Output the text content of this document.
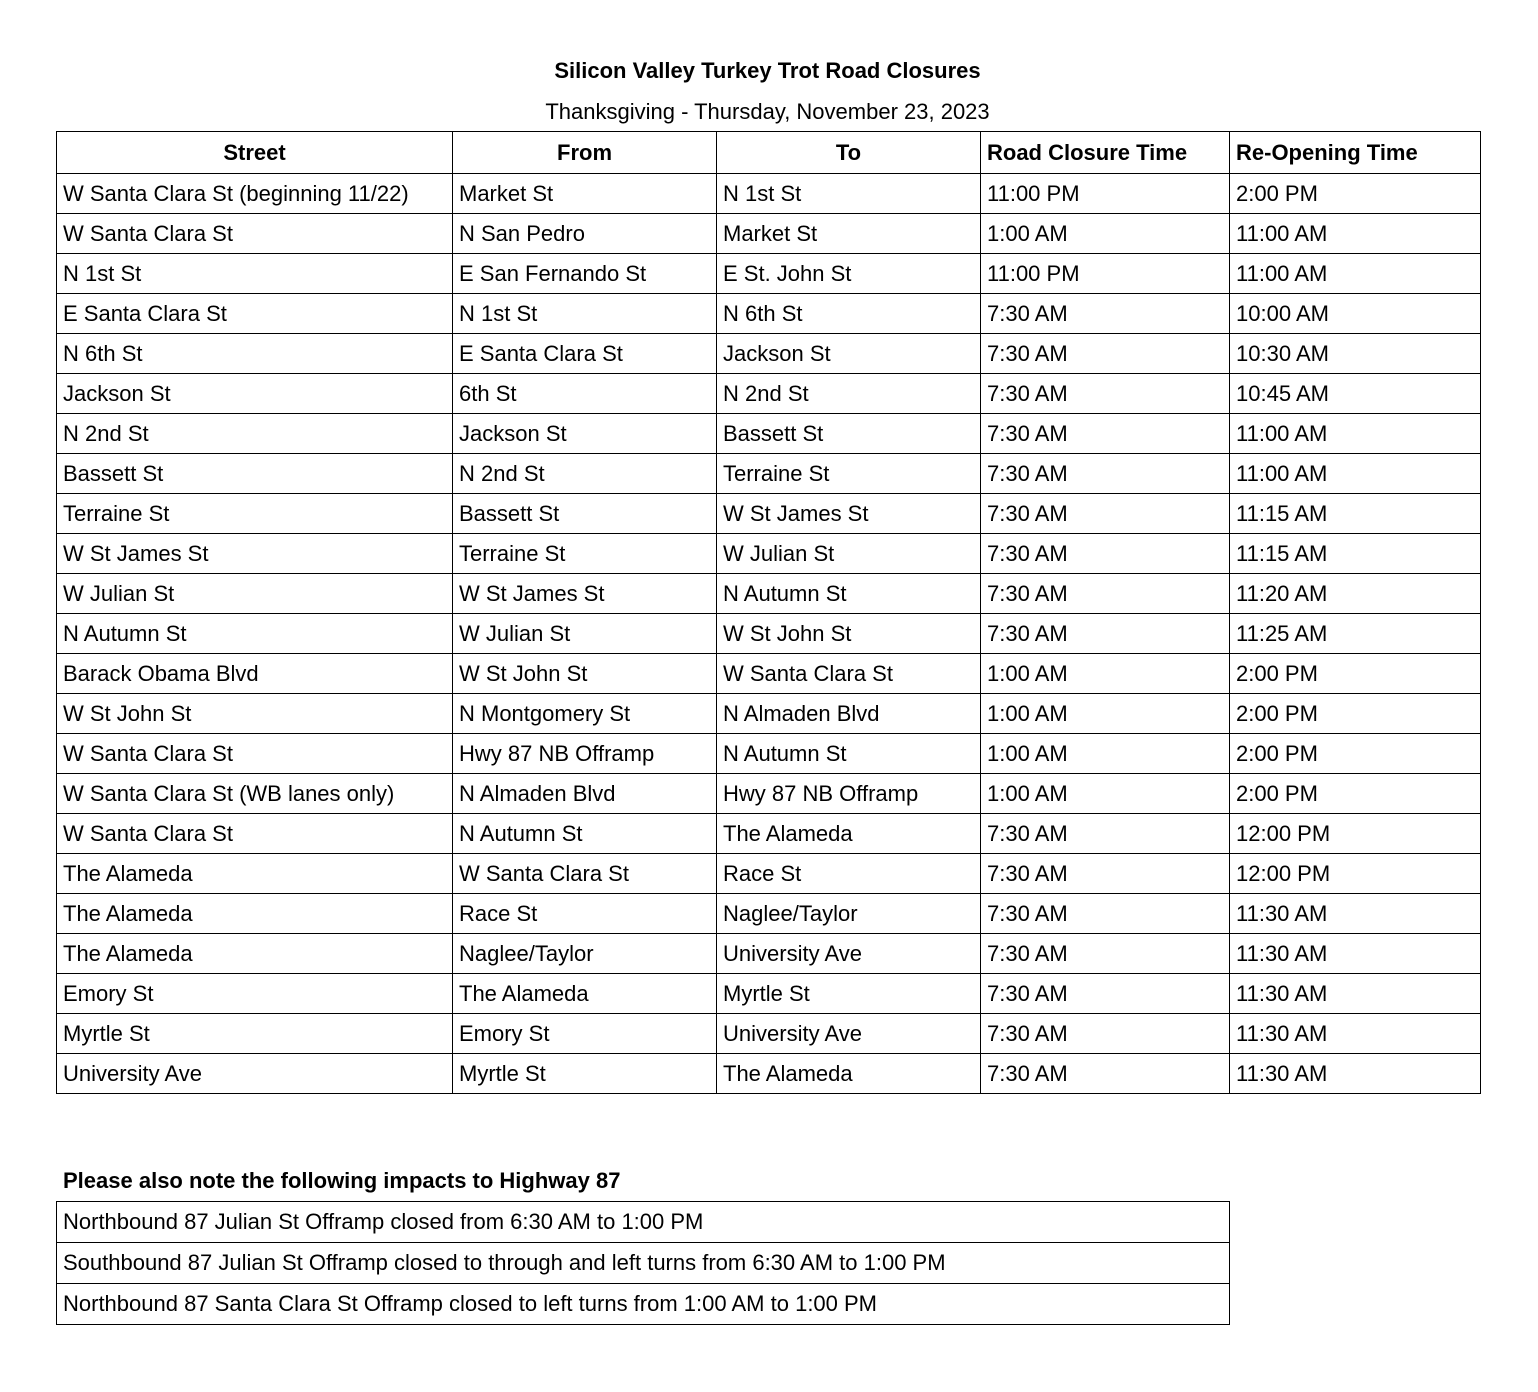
Silicon Valley Turkey Trot Road Closures
Thanksgiving - Thursday, November 23, 2023
Street	From	To	Road Closure Time	Re-Opening Time
W Santa Clara St (beginning 11/22)	Market St	N 1st St	11:00 PM	2:00 PM
W Santa Clara St	N San Pedro	Market St	1:00 AM	11:00 AM
N 1st St	E San Fernando St	E St. John St	11:00 PM	11:00 AM
E Santa Clara St	N 1st St	N 6th St	7:30 AM	10:00 AM
N 6th St	E Santa Clara St	Jackson St	7:30 AM	10:30 AM
Jackson St	6th St	N 2nd St	7:30 AM	10:45 AM
N 2nd St	Jackson St	Bassett St	7:30 AM	11:00 AM
Bassett St	N 2nd St	Terraine St	7:30 AM	11:00 AM
Terraine St	Bassett St	W St James St	7:30 AM	11:15 AM
W St James St	Terraine St	W Julian St	7:30 AM	11:15 AM
W Julian St	W St James St	N Autumn St	7:30 AM	11:20 AM
N Autumn St	W Julian St	W St John St	7:30 AM	11:25 AM
Barack Obama Blvd	W St John St	W Santa Clara St	1:00 AM	2:00 PM
W St John St	N Montgomery St	N Almaden Blvd	1:00 AM	2:00 PM
W Santa Clara St	Hwy 87 NB Offramp	N Autumn St	1:00 AM	2:00 PM
W Santa Clara St (WB lanes only)	N Almaden Blvd	Hwy 87 NB Offramp	1:00 AM	2:00 PM
W Santa Clara St	N Autumn St	The Alameda	7:30 AM	12:00 PM
The Alameda	W Santa Clara St	Race St	7:30 AM	12:00 PM
The Alameda	Race St	Naglee/Taylor	7:30 AM	11:30 AM
The Alameda	Naglee/Taylor	University Ave	7:30 AM	11:30 AM
Emory St	The Alameda	Myrtle St	7:30 AM	11:30 AM
Myrtle St	Emory St	University Ave	7:30 AM	11:30 AM
University Ave	Myrtle St	The Alameda	7:30 AM	11:30 AM
Please also note the following impacts to Highway 87
Northbound 87 Julian St Offramp closed from 6:30 AM to 1:00 PM
Southbound 87 Julian St Offramp closed to through and left turns from 6:30 AM to 1:00 PM
Northbound 87 Santa Clara St Offramp closed to left turns from 1:00 AM to 1:00 PM
